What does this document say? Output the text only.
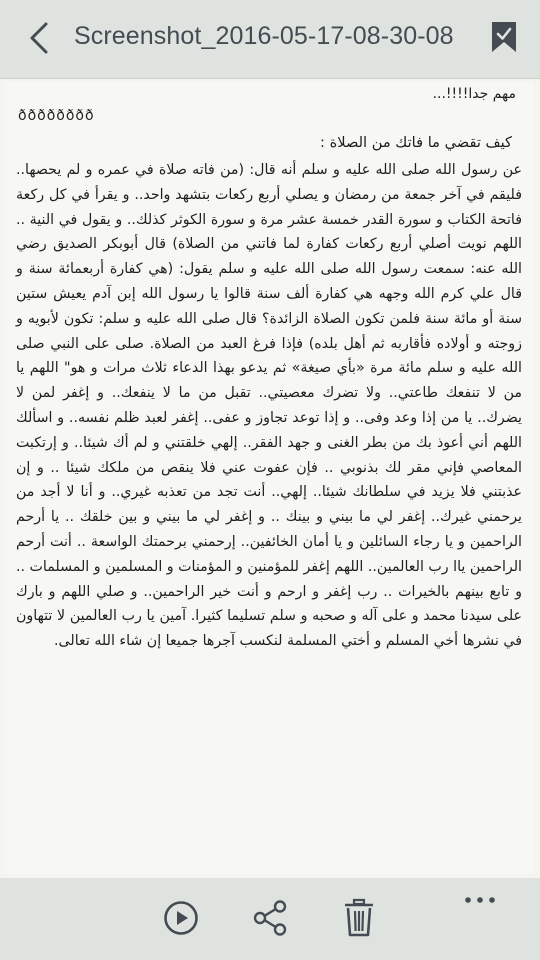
Screenshot_2016-05-17-08-30-08
مهم جدا!!!!...
ðððððððð
كيف تقضي ما فاتك من الصلاة :
عن رسول الله صلى الله عليه و سلم أنه قال: (من فاته صلاة في عمره و لم يحصها.. فليقم في آخر جمعة من رمضان و يصلي أربع ركعات بتشهد واحد.. و يقرأ في كل ركعة فاتحة الكتاب و سورة القدر خمسة عشر مرة و سورة الكوثر كذلك.. و يقول في النية .. اللهم نويت أصلي أربع ركعات كفارة لما فاتني من الصلاة) قال أبوبكر الصديق رضي الله عنه: سمعت رسول الله صلى الله عليه و سلم يقول: (هي كفارة أربعمائة سنة و قال علي كرم الله وجهه هي كفارة ألف سنة قالوا يا رسول الله إبن آدم يعيش ستين سنة أو مائة سنة فلمن تكون الصلاة الزائدة؟ قال صلى الله عليه و سلم: تكون لأبويه و زوجته و أولاده فأقاربه ثم أهل بلده) فإذا فرغ العبد من الصلاة. صلى على النبي صلى الله عليه و سلم مائة مرة «بأي صيغة» ثم يدعو بهذا الدعاء ثلاث مرات و هو" اللهم يا من لا تنفعك طاعتي.. ولا تضرك معصيتي.. تقبل من ما لا ينفعك.. و إغفر لمن لا يضرك.. يا من إذا وعد وفى.. و إذا توعد تجاوز و عفى.. إغفر لعبد ظلم نفسه.. و اسألك اللهم أني أعوذ بك من بطر الغنى و جهد الفقر.. إلهي خلقتني و لم أك شيئا.. و إرتكبت المعاصي فإني مقر لك بذنوبي .. فإن عفوت عني فلا ينقص من ملكك شيئا .. و إن عذبتني فلا يزيد في سلطانك شيئا.. إلهي.. أنت تجد من تعذبه غيري.. و أنا لا أجد من يرحمني غيرك.. إغفر لي ما بيني و بينك .. و إغفر لي ما بيني و بين خلقك .. يا أرحم الراحمين و يا رجاء السائلين و يا أمان الخائفين.. إرحمني برحمتك الواسعة .. أنت أرحم الراحمين ياا رب العالمين.. اللهم إغفر للمؤمنين و المؤمنات و المسلمين و المسلمات .. و تابع بينهم بالخيرات .. رب إغفر و ارحم و أنت خير الراحمين.. و صلي اللهم و بارك على سيدنا محمد و على آله و صحبه و سلم تسليما كثيرا. آمين يا رب العالمين لا تتهاون في نشرها أخي المسلم و أختي المسلمة لنكسب آجرها جميعا إن شاء الله تعالى.
